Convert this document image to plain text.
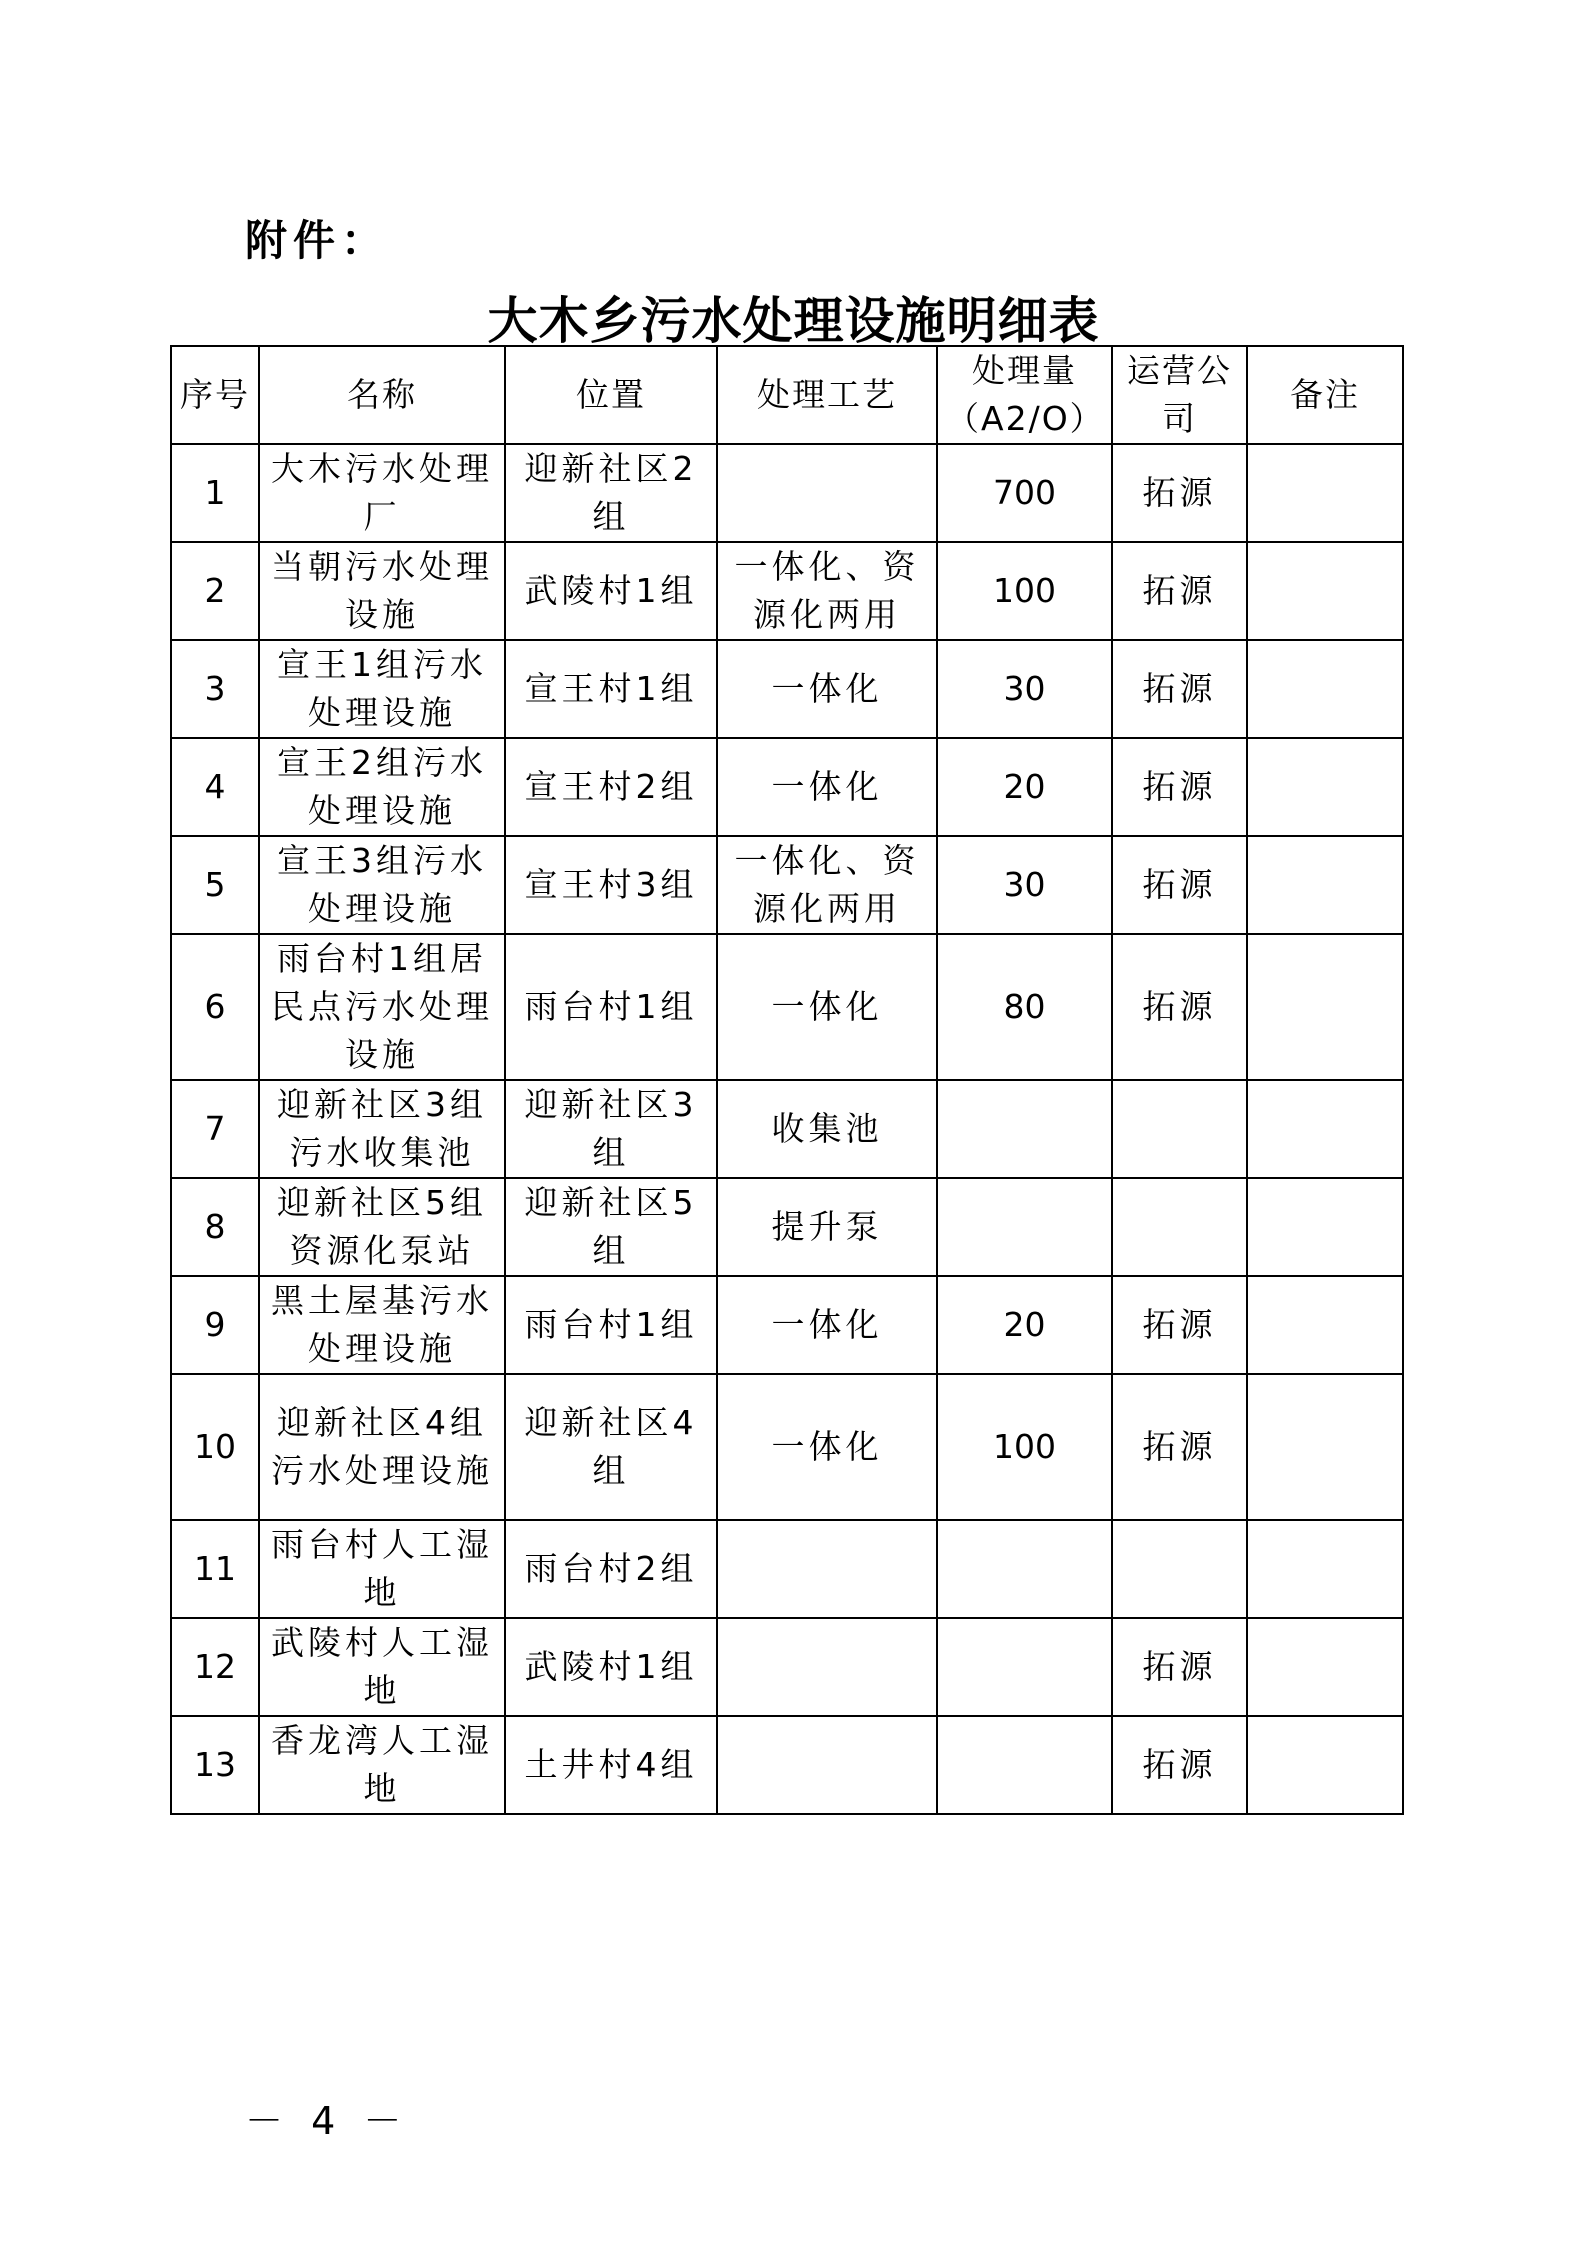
附件：
大木乡污水处理设施明细表
序号	名称	位置	处理工艺	处理量（A2/O）	运营公司	备注
1	大木污水处理厂	迎新社区2组		700	拓源	
2	当朝污水处理设施	武陵村1组	一体化、资源化两用	100	拓源	
3	宣王1组污水处理设施	宣王村1组	一体化	30	拓源	
4	宣王2组污水处理设施	宣王村2组	一体化	20	拓源	
5	宣王3组污水处理设施	宣王村3组	一体化、资源化两用	30	拓源	
6	雨台村1组居民点污水处理设施	雨台村1组	一体化	80	拓源	
7	迎新社区3组污水收集池	迎新社区3组	收集池			
8	迎新社区5组资源化泵站	迎新社区5组	提升泵			
9	黑土屋基污水处理设施	雨台村1组	一体化	20	拓源	
10	迎新社区4组污水处理设施	迎新社区4组	一体化	100	拓源	
11	雨台村人工湿地	雨台村2组				
12	武陵村人工湿地	武陵村1组			拓源	
13	香龙湾人工湿地	土井村4组			拓源	
－ 4 －
